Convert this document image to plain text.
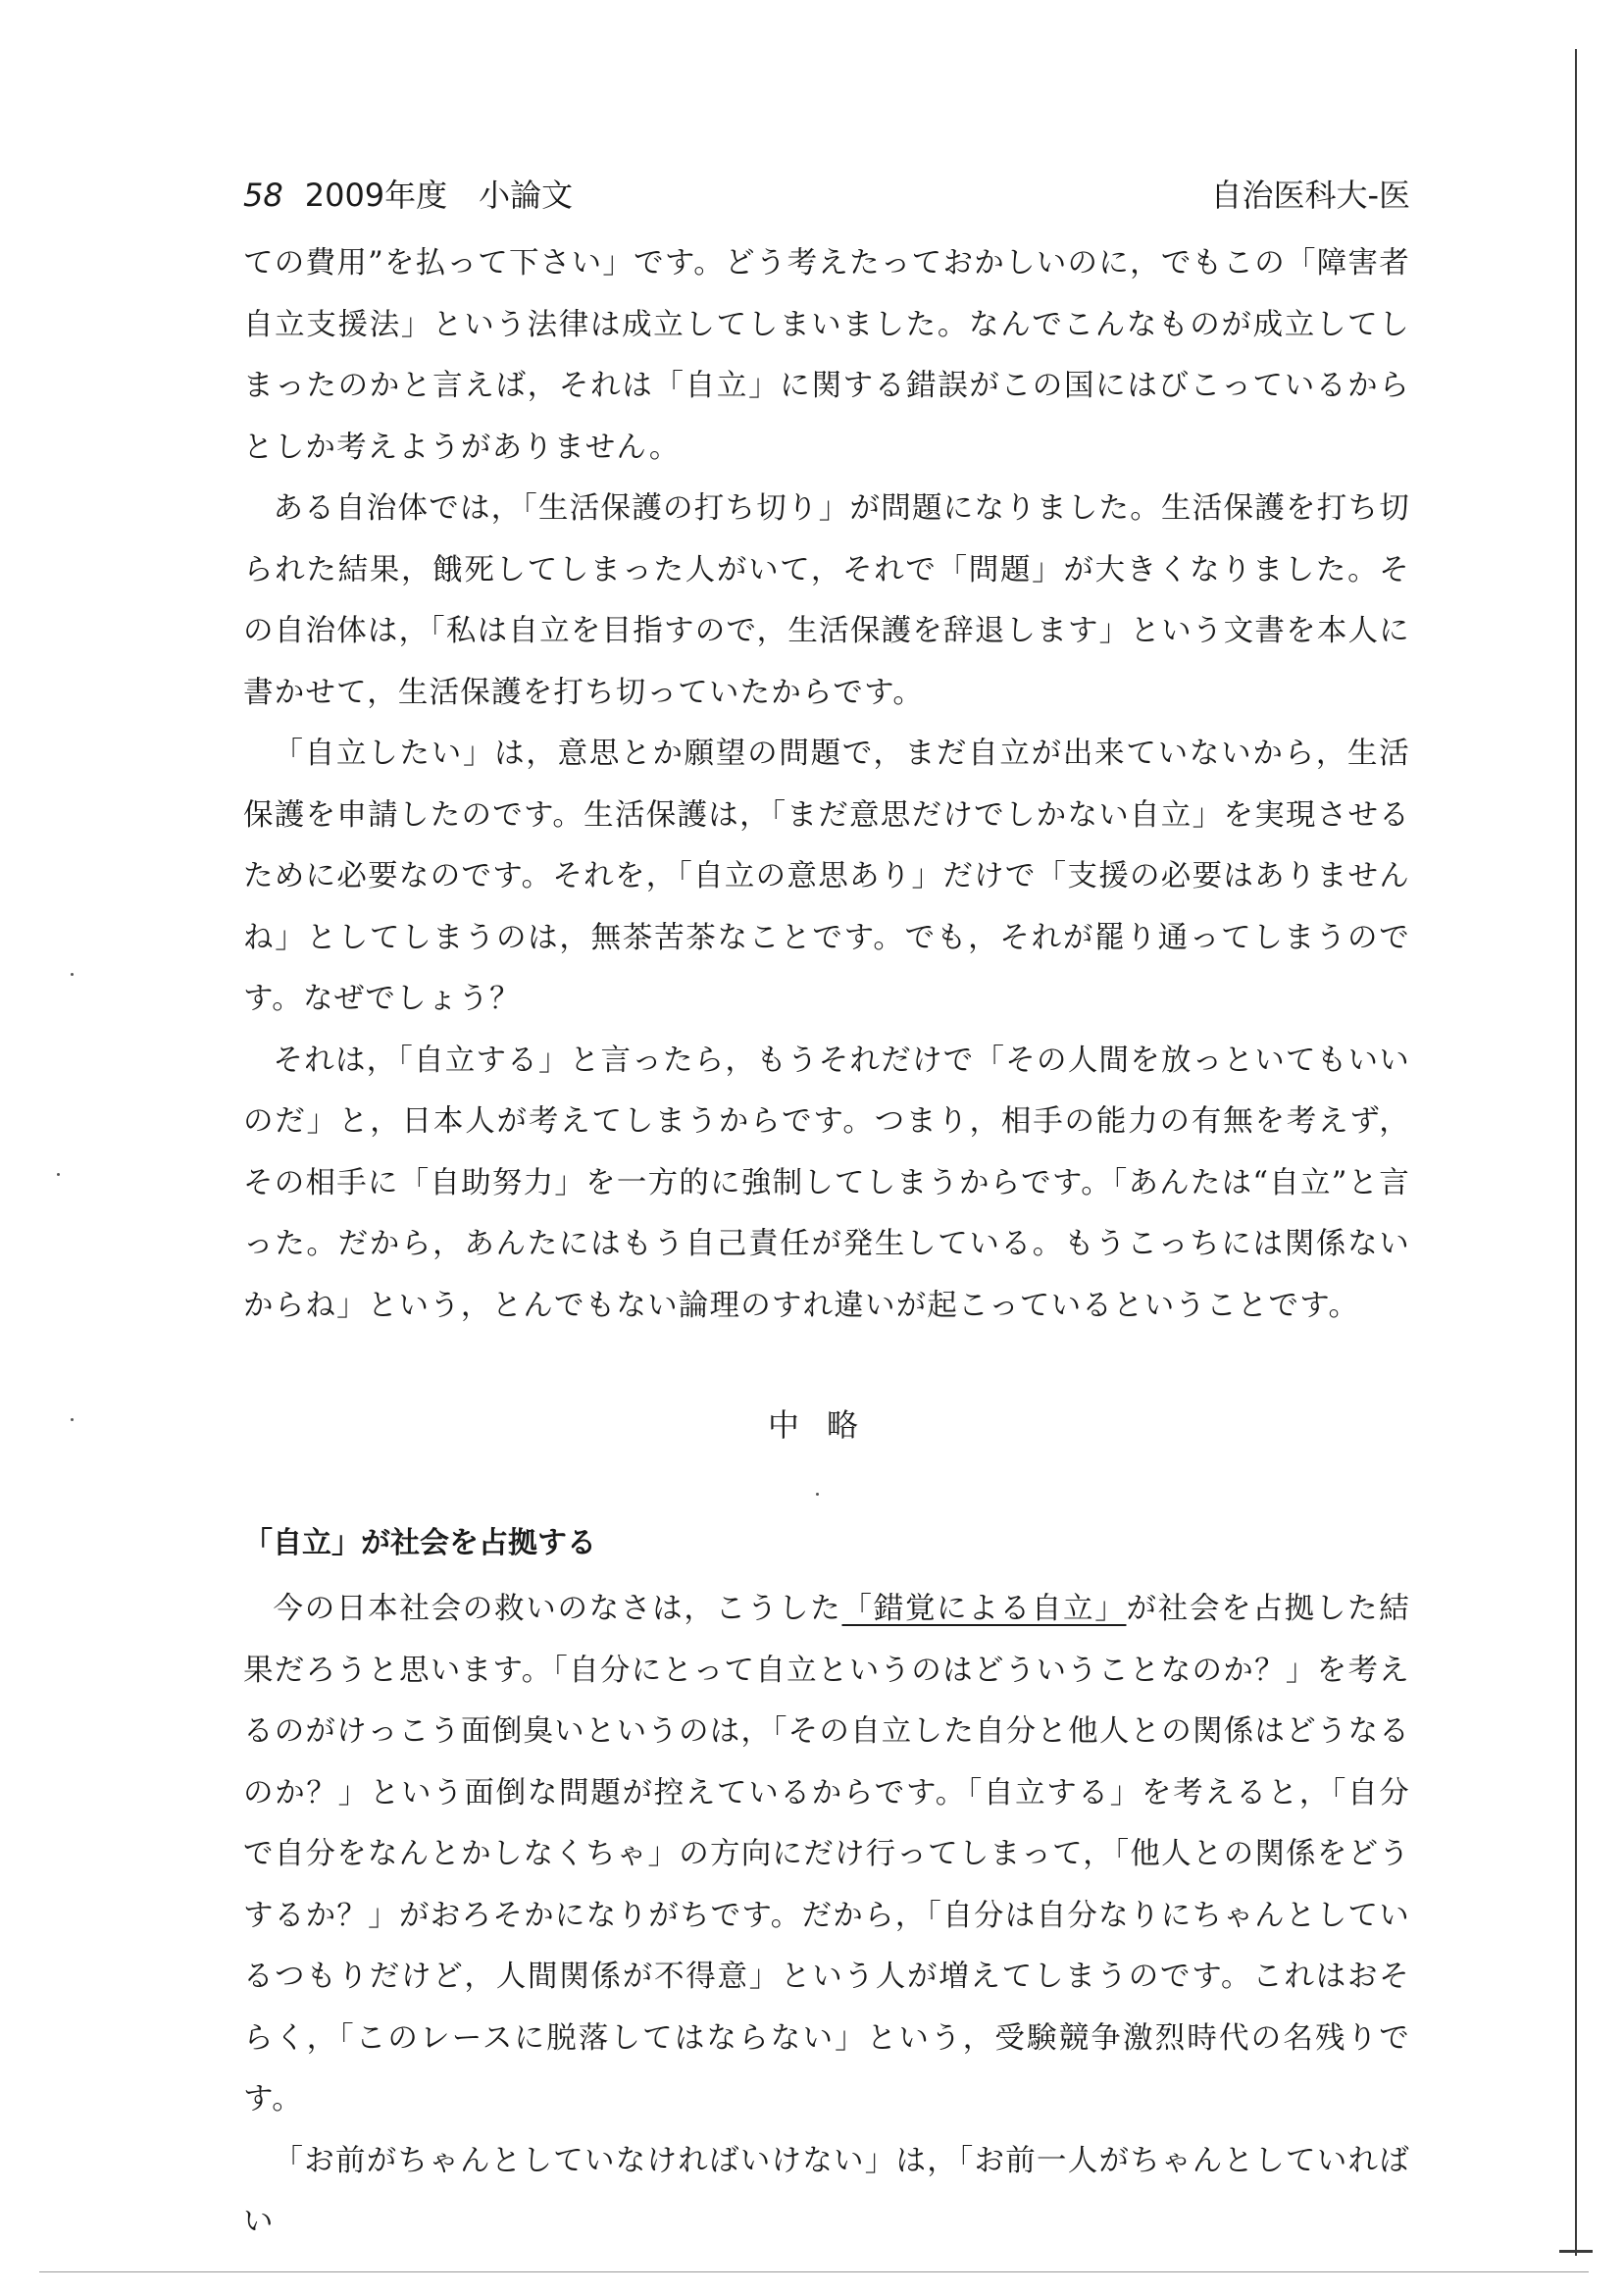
58 2009年度　小論文	自治医科大-医

ての費用”を払って下さい」です。どう考えたっておかしいのに，でもこの「障害者自立支援法」という法律は成立してしまいました。なんでこんなものが成立してしまったのかと言えば，それは「自立」に関する錯誤がこの国にはびこっているからとしか考えようがありません。

ある自治体では，「生活保護の打ち切り」が問題になりました。生活保護を打ち切られた結果，餓死してしまった人がいて，それで「問題」が大きくなりました。その自治体は，「私は自立を目指すので，生活保護を辞退します」という文書を本人に書かせて，生活保護を打ち切っていたからです。

「自立したい」は，意思とか願望の問題で，まだ自立が出来ていないから，生活保護を申請したのです。生活保護は，「まだ意思だけでしかない自立」を実現させるために必要なのです。それを，「自立の意思あり」だけで「支援の必要はありませんね」としてしまうのは，無茶苦茶なことです。でも，それが罷り通ってしまうのです。なぜでしょう？

それは，「自立する」と言ったら，もうそれだけで「その人間を放っといてもいいのだ」と，日本人が考えてしまうからです。つまり，相手の能力の有無を考えず，その相手に「自助努力」を一方的に強制してしまうからです。「あんたは“自立”と言った。だから，あんたにはもう自己責任が発生している。もうこっちには関係ないからね」という，とんでもない論理のすれ違いが起こっているということです。

中略
「自立」が社会を占拠する

今の日本社会の救いのなさは，こうした「錯覚による自立」が社会を占拠した結果だろうと思います。「自分にとって自立というのはどういうことなのか？」を考えるのがけっこう面倒臭いというのは，「その自立した自分と他人との関係はどうなるのか？」という面倒な問題が控えているからです。「自立する」を考えると，「自分で自分をなんとかしなくちゃ」の方向にだけ行ってしまって，「他人との関係をどうするか？」がおろそかになりがちです。だから，「自分は自分なりにちゃんとしているつもりだけど，人間関係が不得意」という人が増えてしまうのです。これはおそらく，「このレースに脱落してはならない」という，受験競争激烈時代の名残りです。

「お前がちゃんとしていなければいけない」は，「お前一人がちゃんとしていればい
